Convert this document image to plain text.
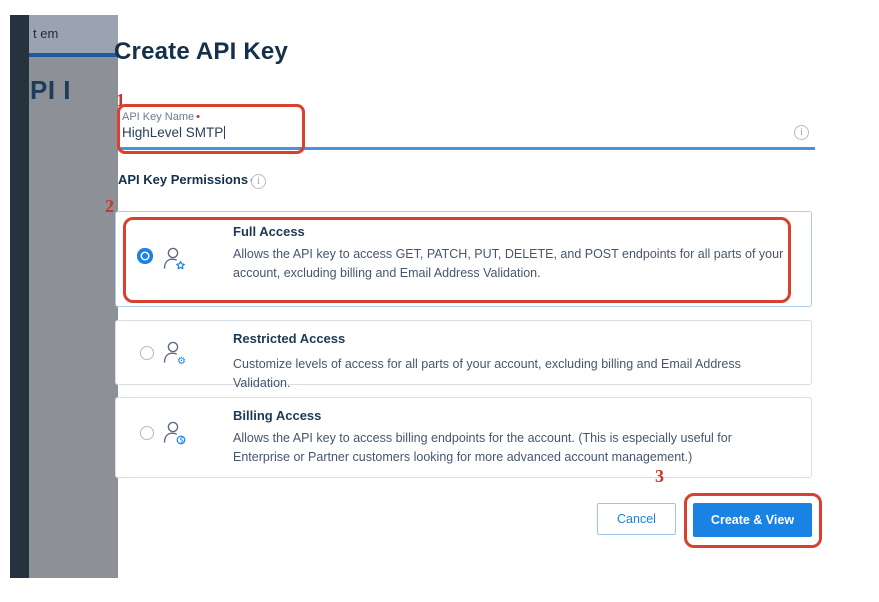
t em
PI I
Create API Key
API Key Name •
HighLevel SMTP	i
API Key Permissions i
Full Access
Allows the API key to access GET, PATCH, PUT, DELETE, and POST endpoints for all parts of your account, excluding billing and Email Address Validation.
⚙
Restricted Access
Customize levels of access for all parts of your account, excluding billing and Email Address Validation.
$
Billing Access
Allows the API key to access billing endpoints for the account. (This is especially useful for Enterprise or Partner customers looking for more advanced account management.)
Cancel	Create & View
1
2
3
